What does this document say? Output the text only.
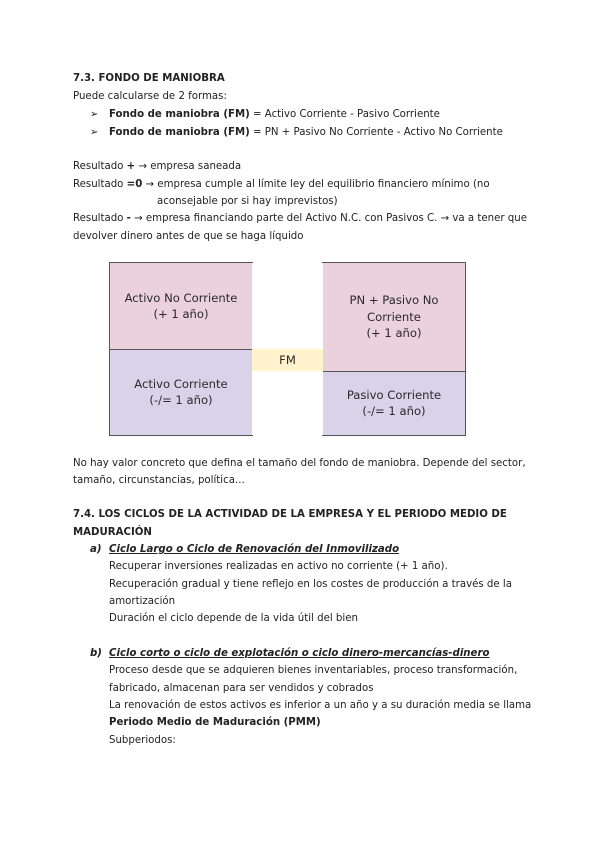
7.3. FONDO DE MANIOBRA
Puede calcularse de 2 formas:
➢ Fondo de maniobra (FM) = Activo Corriente - Pasivo Corriente
➢ Fondo de maniobra (FM) = PN + Pasivo No Corriente - Activo No Corriente
Resultado + → empresa saneada
Resultado =0 → empresa cumple al límite ley del equilibrio financiero mínimo (no
aconsejable por si hay imprevistos)
Resultado - → empresa financiando parte del Activo N.C. con Pasivos C. → va a tener que
devolver dinero antes de que se haga líquido
Activo No Corriente
(+ 1 año)
Activo Corriente
(-/= 1 año)
FM
PN + Pasivo No
Corriente
(+ 1 año)
Pasivo Corriente
(-/= 1 año)
No hay valor concreto que defina el tamaño del fondo de maniobra. Depende del sector,
tamaño, circunstancias, política...
7.4. LOS CICLOS DE LA ACTIVIDAD DE LA EMPRESA Y EL PERIODO MEDIO DE
MADURACIÓN
a) Ciclo Largo o Ciclo de Renovación del Inmovilizado
Recuperar inversiones realizadas en activo no corriente (+ 1 año).
Recuperación gradual y tiene reflejo en los costes de producción a través de la
amortización
Duración el ciclo depende de la vida útil del bien
b) Ciclo corto o ciclo de explotación o ciclo dinero-mercancías-dinero
Proceso desde que se adquieren bienes inventariables, proceso transformación,
fabricado, almacenan para ser vendidos y cobrados
La renovación de estos activos es inferior a un año y a su duración media se llama
Periodo Medio de Maduración (PMM)
Subperiodos:
